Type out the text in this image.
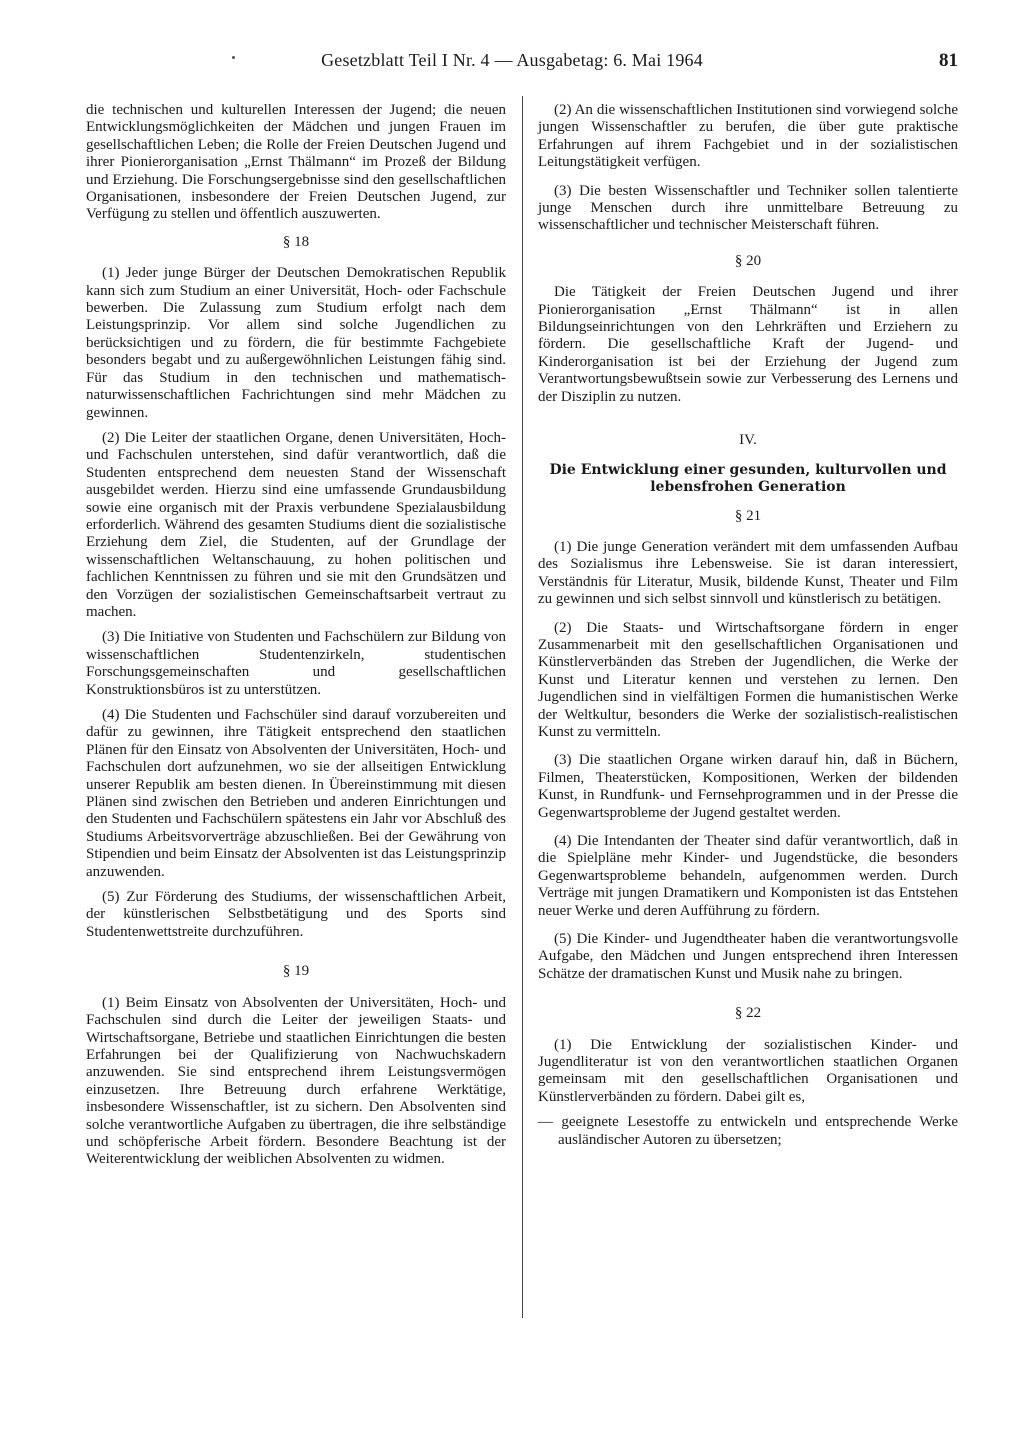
Gesetzblatt Teil I Nr. 4 — Ausgabetag: 6. Mai 1964	81

die technischen und kulturellen Interessen der Jugend; die neuen Entwicklungsmöglichkeiten der Mädchen und jungen Frauen im gesellschaftlichen Leben; die Rolle der Freien Deutschen Jugend und ihrer Pionierorganisation „Ernst Thälmann“ im Prozeß der Bildung und Erziehung. Die Forschungsergebnisse sind den gesellschaftlichen Organisationen, insbesondere der Freien Deutschen Jugend, zur Verfügung zu stellen und öffentlich auszuwerten.

§ 18

(1) Jeder junge Bürger der Deutschen Demokratischen Republik kann sich zum Studium an einer Universität, Hoch- oder Fachschule bewerben. Die Zulassung zum Studium erfolgt nach dem Leistungsprinzip. Vor allem sind solche Jugendlichen zu berücksichtigen und zu fördern, die für bestimmte Fachgebiete besonders begabt und zu außergewöhnlichen Leistungen fähig sind. Für das Studium in den technischen und mathematisch-naturwissenschaftlichen Fachrichtungen sind mehr Mädchen zu gewinnen.

(2) Die Leiter der staatlichen Organe, denen Universitäten, Hoch- und Fachschulen unterstehen, sind dafür verantwortlich, daß die Studenten entsprechend dem neuesten Stand der Wissenschaft ausgebildet werden. Hierzu sind eine umfassende Grundausbildung sowie eine organisch mit der Praxis verbundene Spezialausbildung erforderlich. Während des gesamten Studiums dient die sozialistische Erziehung dem Ziel, die Studenten, auf der Grundlage der wissenschaftlichen Weltanschauung, zu hohen politischen und fachlichen Kenntnissen zu führen und sie mit den Grundsätzen und den Vorzügen der sozialistischen Gemeinschaftsarbeit vertraut zu machen.

(3) Die Initiative von Studenten und Fachschülern zur Bildung von wissenschaftlichen Studentenzirkeln, studentischen Forschungsgemeinschaften und gesellschaftlichen Konstruktionsbüros ist zu unterstützen.

(4) Die Studenten und Fachschüler sind darauf vorzubereiten und dafür zu gewinnen, ihre Tätigkeit entsprechend den staatlichen Plänen für den Einsatz von Absolventen der Universitäten, Hoch- und Fachschulen dort aufzunehmen, wo sie der allseitigen Entwicklung unserer Republik am besten dienen. In Übereinstimmung mit diesen Plänen sind zwischen den Betrieben und anderen Einrichtungen und den Studenten und Fachschülern spätestens ein Jahr vor Abschluß des Studiums Arbeitsvorverträge abzuschließen. Bei der Gewährung von Stipendien und beim Einsatz der Absolventen ist das Leistungsprinzip anzuwenden.

(5) Zur Förderung des Studiums, der wissenschaftlichen Arbeit, der künstlerischen Selbstbetätigung und des Sports sind Studentenwettstreite durchzuführen.

§ 19

(1) Beim Einsatz von Absolventen der Universitäten, Hoch- und Fachschulen sind durch die Leiter der jeweiligen Staats- und Wirtschaftsorgane, Betriebe und staatlichen Einrichtungen die besten Erfahrungen bei der Qualifizierung von Nachwuchskadern anzuwenden. Sie sind entsprechend ihrem Leistungsvermögen einzusetzen. Ihre Betreuung durch erfahrene Werktätige, insbesondere Wissenschaftler, ist zu sichern. Den Absolventen sind solche verantwortliche Aufgaben zu übertragen, die ihre selbständige und schöpferische Arbeit fördern. Besondere Beachtung ist der Weiterentwicklung der weiblichen Absolventen zu widmen.

(2) An die wissenschaftlichen Institutionen sind vorwiegend solche jungen Wissenschaftler zu berufen, die über gute praktische Erfahrungen auf ihrem Fachgebiet und in der sozialistischen Leitungstätigkeit verfügen.

(3) Die besten Wissenschaftler und Techniker sollen talentierte junge Menschen durch ihre unmittelbare Betreuung zu wissenschaftlicher und technischer Meisterschaft führen.

§ 20

Die Tätigkeit der Freien Deutschen Jugend und ihrer Pionierorganisation „Ernst Thälmann“ ist in allen Bildungseinrichtungen von den Lehrkräften und Erziehern zu fördern. Die gesellschaftliche Kraft der Jugend- und Kinderorganisation ist bei der Erziehung der Jugend zum Verantwortungsbewußtsein sowie zur Verbesserung des Lernens und der Disziplin zu nutzen.

IV.

Die Entwicklung einer gesunden, kulturvollen und lebensfrohen Generation

§ 21

(1) Die junge Generation verändert mit dem umfassenden Aufbau des Sozialismus ihre Lebensweise. Sie ist daran interessiert, Verständnis für Literatur, Musik, bildende Kunst, Theater und Film zu gewinnen und sich selbst sinnvoll und künstlerisch zu betätigen.

(2) Die Staats- und Wirtschaftsorgane fördern in enger Zusammenarbeit mit den gesellschaftlichen Organisationen und Künstlerverbänden das Streben der Jugendlichen, die Werke der Kunst und Literatur kennen und verstehen zu lernen. Den Jugendlichen sind in vielfältigen Formen die humanistischen Werke der Weltkultur, besonders die Werke der sozialistisch-realistischen Kunst zu vermitteln.

(3) Die staatlichen Organe wirken darauf hin, daß in Büchern, Filmen, Theaterstücken, Kompositionen, Werken der bildenden Kunst, in Rundfunk- und Fernsehprogrammen und in der Presse die Gegenwartsprobleme der Jugend gestaltet werden.

(4) Die Intendanten der Theater sind dafür verantwortlich, daß in die Spielpläne mehr Kinder- und Jugendstücke, die besonders Gegenwartsprobleme behandeln, aufgenommen werden. Durch Verträge mit jungen Dramatikern und Komponisten ist das Entstehen neuer Werke und deren Aufführung zu fördern.

(5) Die Kinder- und Jugendtheater haben die verantwortungsvolle Aufgabe, den Mädchen und Jungen entsprechend ihren Interessen Schätze der dramatischen Kunst und Musik nahe zu bringen.

§ 22

(1) Die Entwicklung der sozialistischen Kinder- und Jugendliteratur ist von den verantwortlichen staatlichen Organen gemeinsam mit den gesellschaftlichen Organisationen und Künstlerverbänden zu fördern. Dabei gilt es,

— geeignete Lesestoffe zu entwickeln und entsprechende Werke ausländischer Autoren zu übersetzen;
